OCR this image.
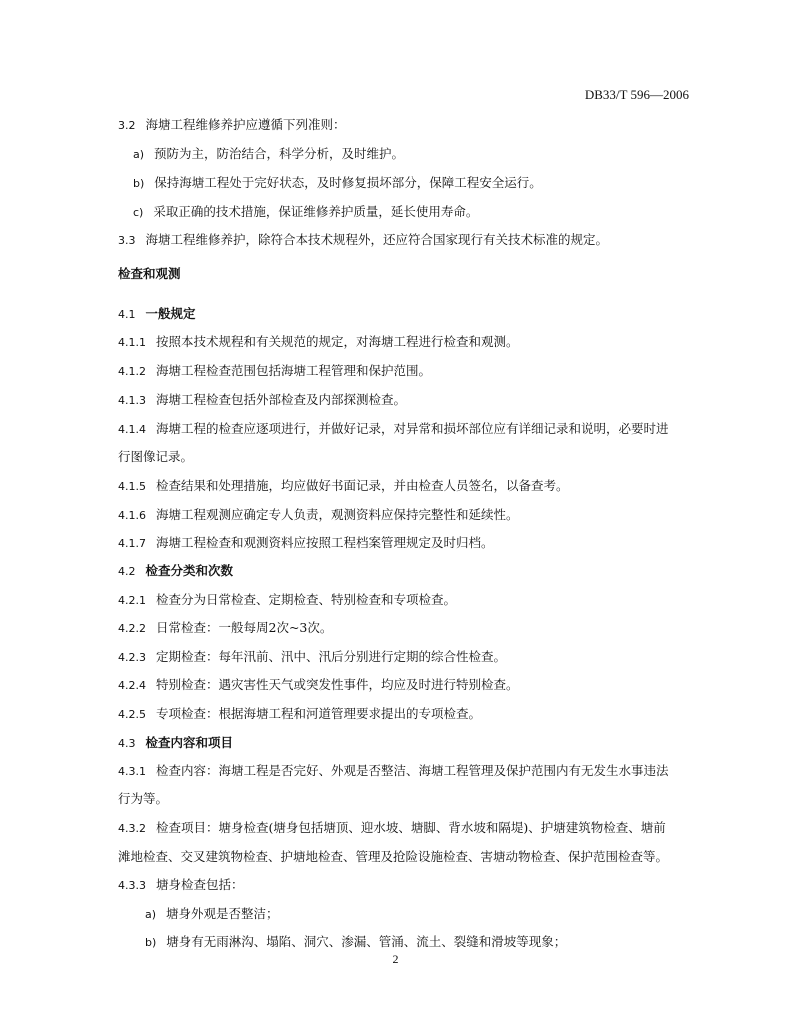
DB33/T 596—2006
3.2 海塘工程维修养护应遵循下列准则：
a) 预防为主，防治结合，科学分析，及时维护。
b) 保持海塘工程处于完好状态，及时修复损坏部分，保障工程安全运行。
c) 采取正确的技术措施，保证维修养护质量，延长使用寿命。
3.3 海塘工程维修养护，除符合本技术规程外，还应符合国家现行有关技术标准的规定。
检查和观测
4.1 一般规定
4.1.1 按照本技术规程和有关规范的规定，对海塘工程进行检查和观测。
4.1.2 海塘工程检查范围包括海塘工程管理和保护范围。
4.1.3 海塘工程检查包括外部检查及内部探测检查。
4.1.4 海塘工程的检查应逐项进行，并做好记录，对异常和损坏部位应有详细记录和说明，必要时进
行图像记录。
4.1.5 检查结果和处理措施，均应做好书面记录，并由检查人员签名，以备查考。
4.1.6 海塘工程观测应确定专人负责，观测资料应保持完整性和延续性。
4.1.7 海塘工程检查和观测资料应按照工程档案管理规定及时归档。
4.2 检查分类和次数
4.2.1 检查分为日常检查、定期检查、特别检查和专项检查。
4.2.2 日常检查：一般每周2次~3次。
4.2.3 定期检查：每年汛前、汛中、汛后分别进行定期的综合性检查。
4.2.4 特别检查：遇灾害性天气或突发性事件，均应及时进行特别检查。
4.2.5 专项检查：根据海塘工程和河道管理要求提出的专项检查。
4.3 检查内容和项目
4.3.1 检查内容：海塘工程是否完好、外观是否整洁、海塘工程管理及保护范围内有无发生水事违法
行为等。
4.3.2 检查项目：塘身检查(塘身包括塘顶、迎水坡、塘脚、背水坡和隔堤)、护塘建筑物检查、塘前
滩地检查、交叉建筑物检查、护塘地检查、管理及抢险设施检查、害塘动物检查、保护范围检查等。
4.3.3 塘身检查包括：
a) 塘身外观是否整洁；
b) 塘身有无雨淋沟、塌陷、洞穴、渗漏、管涌、流土、裂缝和滑坡等现象；
2
